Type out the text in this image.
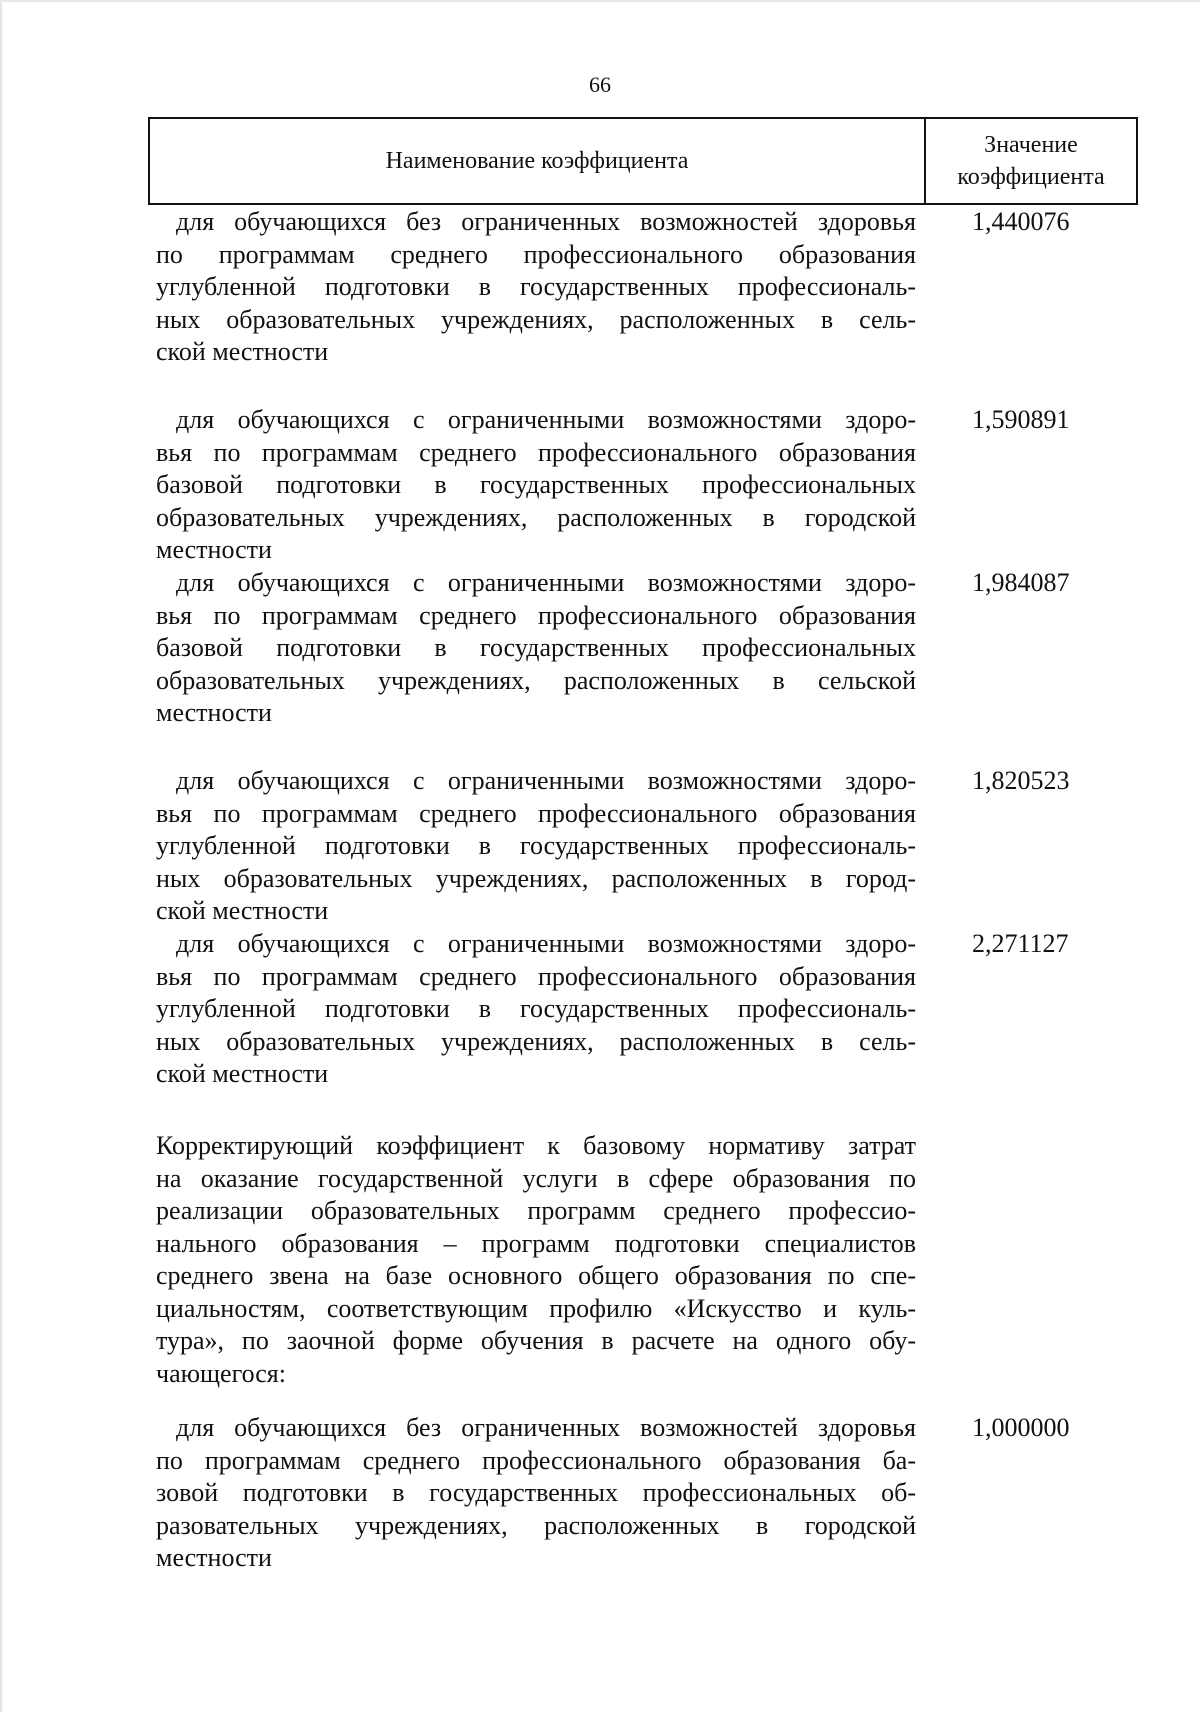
66
Наименование коэффициента
Значение
коэффициента
для обучающихся без ограниченных возможностей здоровья
по программам среднего профессионального образования
углубленной подготовки в государственных профессиональ-
ных образовательных учреждениях, расположенных в сель-
ской местности
1,440076
для обучающихся с ограниченными возможностями здоро-
вья по программам среднего профессионального образования
базовой подготовки в государственных профессиональных
образовательных учреждениях, расположенных в городской
местности
1,590891
для обучающихся с ограниченными возможностями здоро-
вья по программам среднего профессионального образования
базовой подготовки в государственных профессиональных
образовательных учреждениях, расположенных в сельской
местности
1,984087
для обучающихся с ограниченными возможностями здоро-
вья по программам среднего профессионального образования
углубленной подготовки в государственных профессиональ-
ных образовательных учреждениях, расположенных в город-
ской местности
1,820523
для обучающихся с ограниченными возможностями здоро-
вья по программам среднего профессионального образования
углубленной подготовки в государственных профессиональ-
ных образовательных учреждениях, расположенных в сель-
ской местности
2,271127
Корректирующий коэффициент к базовому нормативу затрат
на оказание государственной услуги в сфере образования по
реализации образовательных программ среднего профессио-
нального образования – программ подготовки специалистов
среднего звена на базе основного общего образования по спе-
циальностям, соответствующим профилю «Искусство и куль-
тура», по заочной форме обучения в расчете на одного обу-
чающегося:
для обучающихся без ограниченных возможностей здоровья
по программам среднего профессионального образования ба-
зовой подготовки в государственных профессиональных об-
разовательных учреждениях, расположенных в городской
местности
1,000000
